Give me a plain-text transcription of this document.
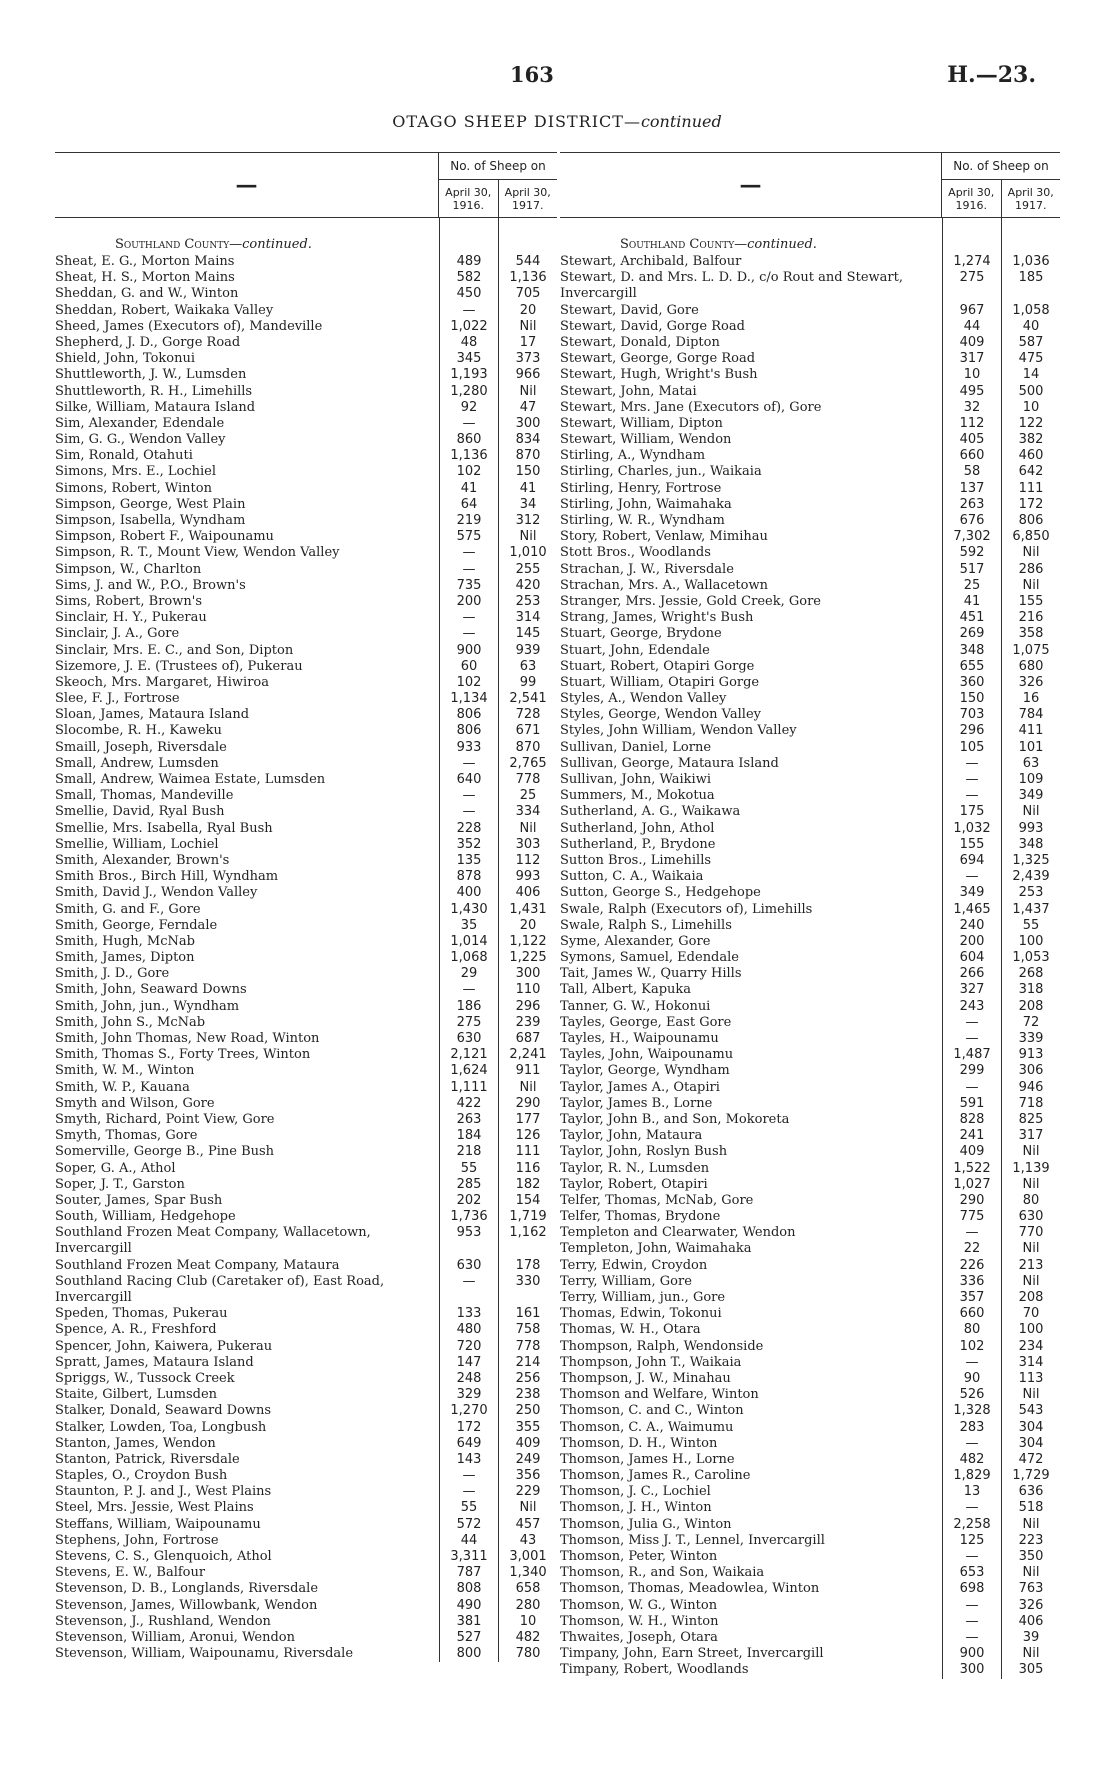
163	H.—23.
OTAGO SHEEP DISTRICT—continued
—
No. of Sheep on
April 30,
1916.
April 30,
1917.
Southland County—continued.
Sheat, E. G., Morton Mains
Sheat, H. S., Morton Mains
Sheddan, G. and W., Winton
Sheddan, Robert, Waikaka Valley
Sheed, James (Executors of), Mandeville
Shepherd, J. D., Gorge Road
Shield, John, Tokonui
Shuttleworth, J. W., Lumsden
Shuttleworth, R. H., Limehills
Silke, William, Mataura Island
Sim, Alexander, Edendale
Sim, G. G., Wendon Valley
Sim, Ronald, Otahuti
Simons, Mrs. E., Lochiel
Simons, Robert, Winton
Simpson, George, West Plain
Simpson, Isabella, Wyndham
Simpson, Robert F., Waipounamu
Simpson, R. T., Mount View, Wendon Valley
Simpson, W., Charlton
Sims, J. and W., P.O., Brown's
Sims, Robert, Brown's
Sinclair, H. Y., Pukerau
Sinclair, J. A., Gore
Sinclair, Mrs. E. C., and Son, Dipton
Sizemore, J. E. (Trustees of), Pukerau
Skeoch, Mrs. Margaret, Hiwiroa
Slee, F. J., Fortrose
Sloan, James, Mataura Island
Slocombe, R. H., Kaweku
Smaill, Joseph, Riversdale
Small, Andrew, Lumsden
Small, Andrew, Waimea Estate, Lumsden
Small, Thomas, Mandeville
Smellie, David, Ryal Bush
Smellie, Mrs. Isabella, Ryal Bush
Smellie, William, Lochiel
Smith, Alexander, Brown's
Smith Bros., Birch Hill, Wyndham
Smith, David J., Wendon Valley
Smith, G. and F., Gore
Smith, George, Ferndale
Smith, Hugh, McNab
Smith, James, Dipton
Smith, J. D., Gore
Smith, John, Seaward Downs
Smith, John, jun., Wyndham
Smith, John S., McNab
Smith, John Thomas, New Road, Winton
Smith, Thomas S., Forty Trees, Winton
Smith, W. M., Winton
Smith, W. P., Kauana
Smyth and Wilson, Gore
Smyth, Richard, Point View, Gore
Smyth, Thomas, Gore
Somerville, George B., Pine Bush
Soper, G. A., Athol
Soper, J. T., Garston
Souter, James, Spar Bush
South, William, Hedgehope
Southland Frozen Meat Company, Wallacetown, Invercargill
Southland Frozen Meat Company, Mataura
Southland Racing Club (Caretaker of), East Road, Invercargill
Speden, Thomas, Pukerau
Spence, A. R., Freshford
Spencer, John, Kaiwera, Pukerau
Spratt, James, Mataura Island
Spriggs, W., Tussock Creek
Staite, Gilbert, Lumsden
Stalker, Donald, Seaward Downs
Stalker, Lowden, Toa, Longbush
Stanton, James, Wendon
Stanton, Patrick, Riversdale
Staples, O., Croydon Bush
Staunton, P. J. and J., West Plains
Steel, Mrs. Jessie, West Plains
Steffans, William, Waipounamu
Stephens, John, Fortrose
Stevens, C. S., Glenquoich, Athol
Stevens, E. W., Balfour
Stevenson, D. B., Longlands, Riversdale
Stevenson, James, Willowbank, Wendon
Stevenson, J., Rushland, Wendon
Stevenson, William, Aronui, Wendon
Stevenson, William, Waipounamu, Riversdale
489
582
450
—
1,022
48
345
1,193
1,280
92
—
860
1,136
102
41
64
219
575
—
—
735
200
—
—
900
60
102
1,134
806
806
933
—
640
—
—
228
352
135
878
400
1,430
35
1,014
1,068
29
—
186
275
630
2,121
1,624
1,111
422
263
184
218
55
285
202
1,736
953
630
—
133
480
720
147
248
329
1,270
172
649
143
—
—
55
572
44
3,311
787
808
490
381
527
800
544
1,136
705
20
Nil
17
373
966
Nil
47
300
834
870
150
41
34
312
Nil
1,010
255
420
253
314
145
939
63
99
2,541
728
671
870
2,765
778
25
334
Nil
303
112
993
406
1,431
20
1,122
1,225
300
110
296
239
687
2,241
911
Nil
290
177
126
111
116
182
154
1,719
1,162
178
330
161
758
778
214
256
238
250
355
409
249
356
229
Nil
457
43
3,001
1,340
658
280
10
482
780
—
No. of Sheep on
April 30,
1916.
April 30,
1917.
Southland County—continued.
Stewart, Archibald, Balfour
Stewart, D. and Mrs. L. D. D., c/o Rout and Stewart, Invercargill
Stewart, David, Gore
Stewart, David, Gorge Road
Stewart, Donald, Dipton
Stewart, George, Gorge Road
Stewart, Hugh, Wright's Bush
Stewart, John, Matai
Stewart, Mrs. Jane (Executors of), Gore
Stewart, William, Dipton
Stewart, William, Wendon
Stirling, A., Wyndham
Stirling, Charles, jun., Waikaia
Stirling, Henry, Fortrose
Stirling, John, Waimahaka
Stirling, W. R., Wyndham
Story, Robert, Venlaw, Mimihau
Stott Bros., Woodlands
Strachan, J. W., Riversdale
Strachan, Mrs. A., Wallacetown
Stranger, Mrs. Jessie, Gold Creek, Gore
Strang, James, Wright's Bush
Stuart, George, Brydone
Stuart, John, Edendale
Stuart, Robert, Otapiri Gorge
Stuart, William, Otapiri Gorge
Styles, A., Wendon Valley
Styles, George, Wendon Valley
Styles, John William, Wendon Valley
Sullivan, Daniel, Lorne
Sullivan, George, Mataura Island
Sullivan, John, Waikiwi
Summers, M., Mokotua
Sutherland, A. G., Waikawa
Sutherland, John, Athol
Sutherland, P., Brydone
Sutton Bros., Limehills
Sutton, C. A., Waikaia
Sutton, George S., Hedgehope
Swale, Ralph (Executors of), Limehills
Swale, Ralph S., Limehills
Syme, Alexander, Gore
Symons, Samuel, Edendale
Tait, James W., Quarry Hills
Tall, Albert, Kapuka
Tanner, G. W., Hokonui
Tayles, George, East Gore
Tayles, H., Waipounamu
Tayles, John, Waipounamu
Taylor, George, Wyndham
Taylor, James A., Otapiri
Taylor, James B., Lorne
Taylor, John B., and Son, Mokoreta
Taylor, John, Mataura
Taylor, John, Roslyn Bush
Taylor, R. N., Lumsden
Taylor, Robert, Otapiri
Telfer, Thomas, McNab, Gore
Telfer, Thomas, Brydone
Templeton and Clearwater, Wendon
Templeton, John, Waimahaka
Terry, Edwin, Croydon
Terry, William, Gore
Terry, William, jun., Gore
Thomas, Edwin, Tokonui
Thomas, W. H., Otara
Thompson, Ralph, Wendonside
Thompson, John T., Waikaia
Thompson, J. W., Minahau
Thomson and Welfare, Winton
Thomson, C. and C., Winton
Thomson, C. A., Waimumu
Thomson, D. H., Winton
Thomson, James H., Lorne
Thomson, James R., Caroline
Thomson, J. C., Lochiel
Thomson, J. H., Winton
Thomson, Julia G., Winton
Thomson, Miss J. T., Lennel, Invercargill
Thomson, Peter, Winton
Thomson, R., and Son, Waikaia
Thomson, Thomas, Meadowlea, Winton
Thomson, W. G., Winton
Thomson, W. H., Winton
Thwaites, Joseph, Otara
Timpany, John, Earn Street, Invercargill
Timpany, Robert, Woodlands
1,274
275
967
44
409
317
10
495
32
112
405
660
58
137
263
676
7,302
592
517
25
41
451
269
348
655
360
150
703
296
105
—
—
—
175
1,032
155
694
—
349
1,465
240
200
604
266
327
243
—
—
1,487
299
—
591
828
241
409
1,522
1,027
290
775
—
22
226
336
357
660
80
102
—
90
526
1,328
283
—
482
1,829
13
—
2,258
125
—
653
698
—
—
—
900
300
1,036
185
1,058
40
587
475
14
500
10
122
382
460
642
111
172
806
6,850
Nil
286
Nil
155
216
358
1,075
680
326
16
784
411
101
63
109
349
Nil
993
348
1,325
2,439
253
1,437
55
100
1,053
268
318
208
72
339
913
306
946
718
825
317
Nil
1,139
Nil
80
630
770
Nil
213
Nil
208
70
100
234
314
113
Nil
543
304
304
472
1,729
636
518
Nil
223
350
Nil
763
326
406
39
Nil
305
